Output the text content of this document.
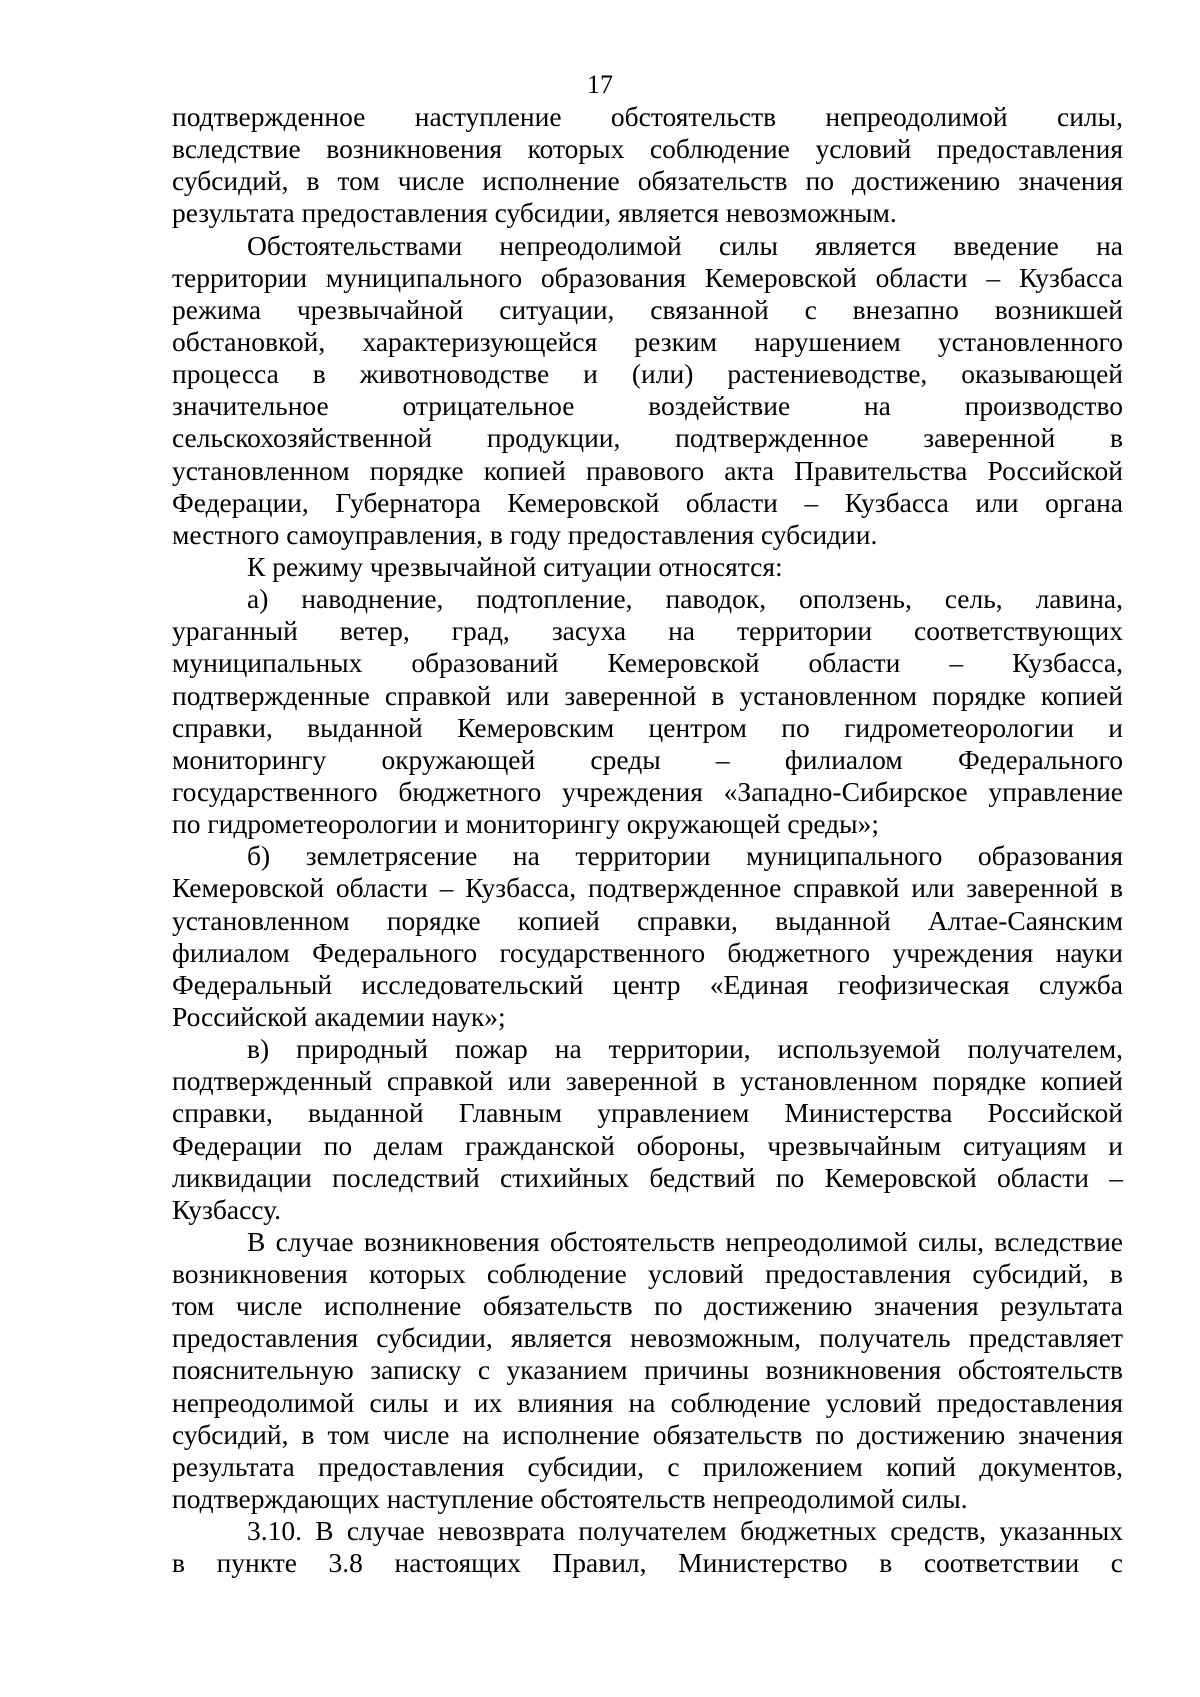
17
подтвержденное наступление обстоятельств непреодолимой силы,
вследствие возникновения которых соблюдение условий предоставления
субсидий, в том числе исполнение обязательств по достижению значения
результата предоставления субсидии, является невозможным.
Обстоятельствами непреодолимой силы является введение на
территории муниципального образования Кемеровской области – Кузбасса
режима чрезвычайной ситуации, связанной с внезапно возникшей
обстановкой, характеризующейся резким нарушением установленного
процесса в животноводстве и (или) растениеводстве, оказывающей
значительное отрицательное воздействие на производство
сельскохозяйственной продукции, подтвержденное заверенной в
установленном порядке копией правового акта Правительства Российской
Федерации, Губернатора Кемеровской области – Кузбасса или органа
местного самоуправления, в году предоставления субсидии.
К режиму чрезвычайной ситуации относятся:
а) наводнение, подтопление, паводок, оползень, сель, лавина,
ураганный ветер, град, засуха на территории соответствующих
муниципальных образований Кемеровской области – Кузбасса,
подтвержденные справкой или заверенной в установленном порядке копией
справки, выданной Кемеровским центром по гидрометеорологии и
мониторингу окружающей среды – филиалом Федерального
государственного бюджетного учреждения «Западно-Сибирское управление
по гидрометеорологии и мониторингу окружающей среды»;
б) землетрясение на территории муниципального образования
Кемеровской области – Кузбасса, подтвержденное справкой или заверенной в
установленном порядке копией справки, выданной Алтае-Саянским
филиалом Федерального государственного бюджетного учреждения науки
Федеральный исследовательский центр «Единая геофизическая служба
Российской академии наук»;
в) природный пожар на территории, используемой получателем,
подтвержденный справкой или заверенной в установленном порядке копией
справки, выданной Главным управлением Министерства Российской
Федерации по делам гражданской обороны, чрезвычайным ситуациям и
ликвидации последствий стихийных бедствий по Кемеровской области –
Кузбассу.
В случае возникновения обстоятельств непреодолимой силы, вследствие
возникновения которых соблюдение условий предоставления субсидий, в
том числе исполнение обязательств по достижению значения результата
предоставления субсидии, является невозможным, получатель представляет
пояснительную записку с указанием причины возникновения обстоятельств
непреодолимой силы и их влияния на соблюдение условий предоставления
субсидий, в том числе на исполнение обязательств по достижению значения
результата предоставления субсидии, с приложением копий документов,
подтверждающих наступление обстоятельств непреодолимой силы.
3.10. В случае невозврата получателем бюджетных средств, указанных
в пункте 3.8 настоящих Правил, Министерство в соответствии с
